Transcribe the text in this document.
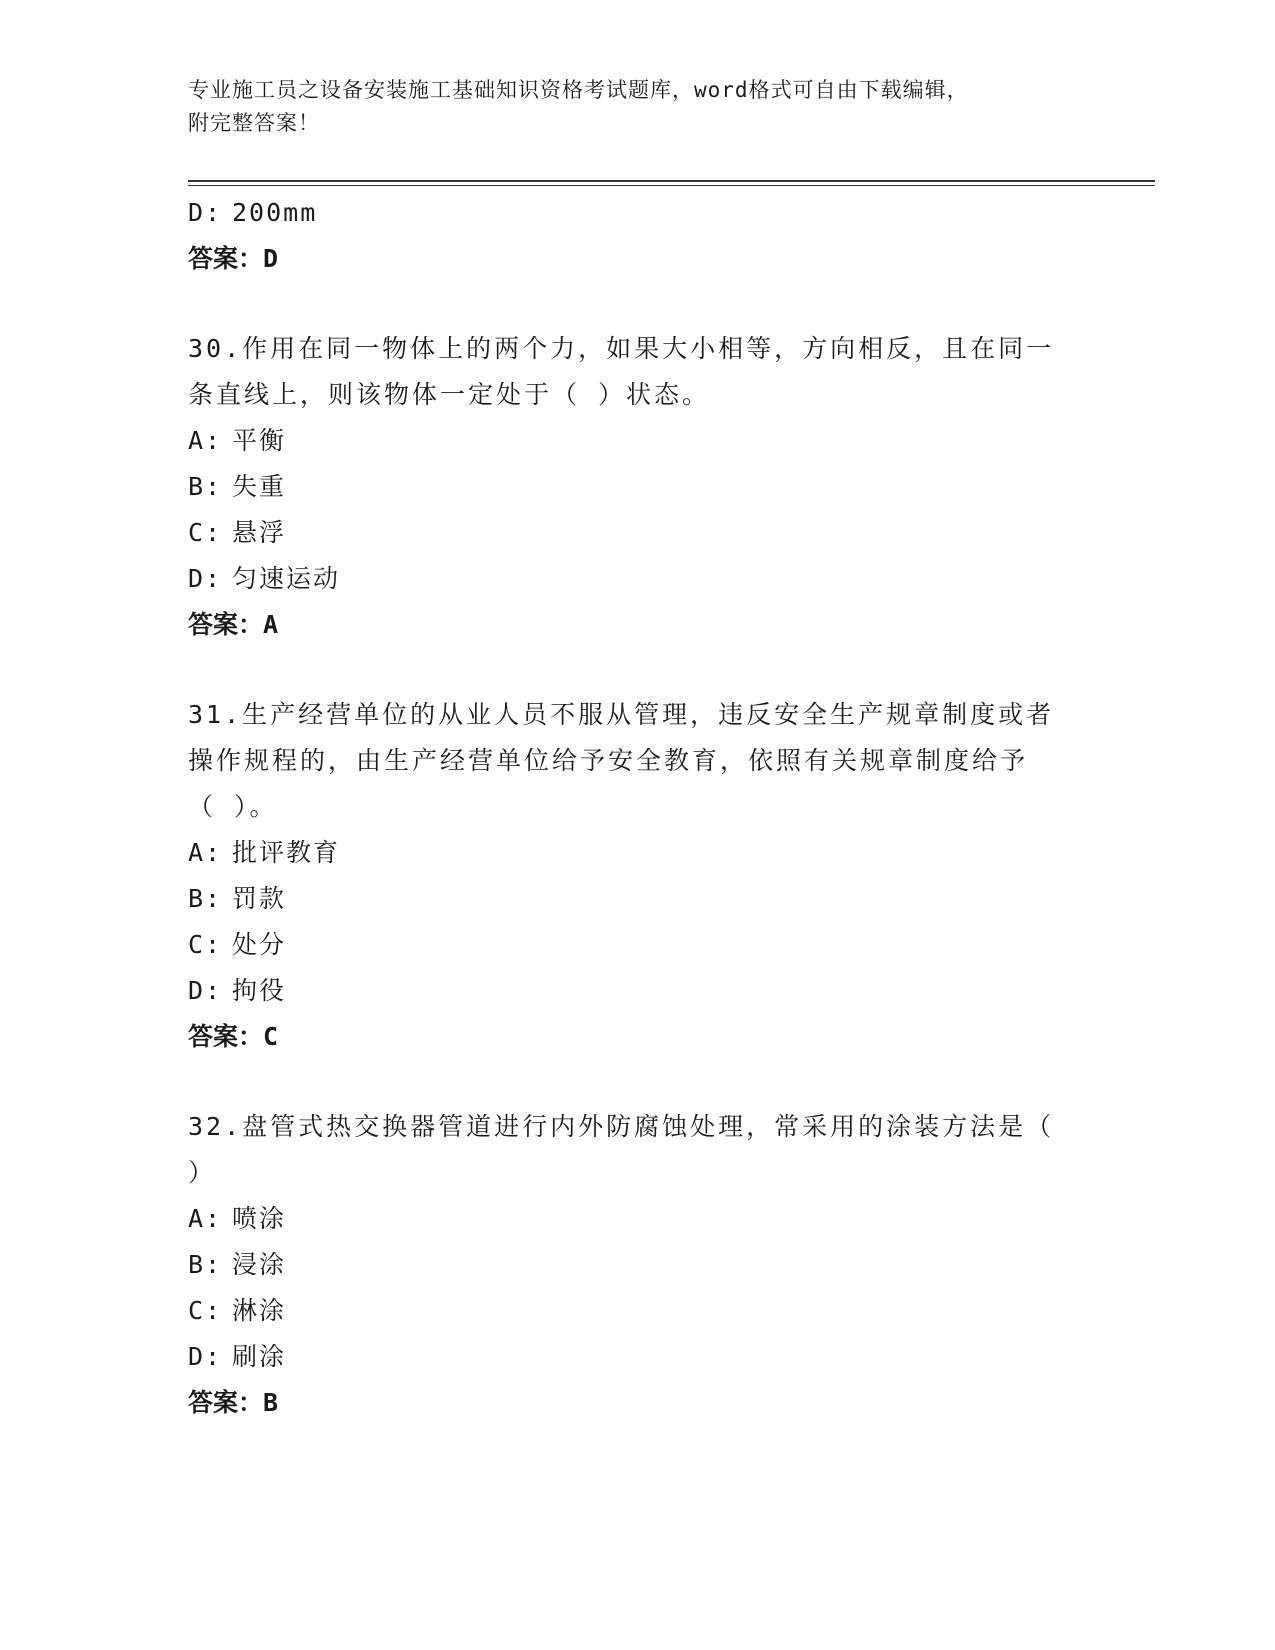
专业施工员之设备安装施工基础知识资格考试题库，word格式可自由下载编辑，
附完整答案！
D: 200mm
答案：D
30.作用在同一物体上的两个力，如果大小相等，方向相反，且在同一
条直线上，则该物体一定处于（ ）状态。
A: 平衡
B: 失重
C: 悬浮
D: 匀速运动
答案：A
31.生产经营单位的从业人员不服从管理，违反安全生产规章制度或者
操作规程的，由生产经营单位给予安全教育，依照有关规章制度给予
（ ）。
A: 批评教育
B: 罚款
C: 处分
D: 拘役
答案：C
32.盘管式热交换器管道进行内外防腐蚀处理，常采用的涂装方法是（
）
A: 喷涂
B: 浸涂
C: 淋涂
D: 刷涂
答案：B
